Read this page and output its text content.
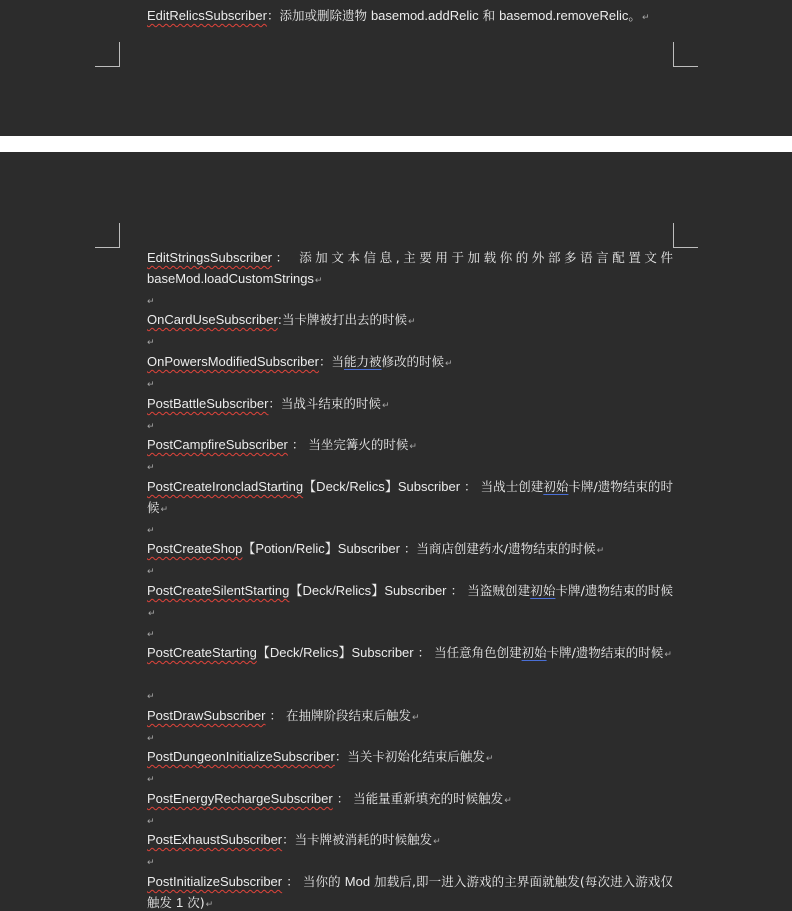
EditRelicsSubscriber：添加或删除遗物 basemod.addRelic 和 basemod.removeRelic。↵
EditStringsSubscriber： 添加文本信息,主要用于加载你的外部多语言配置文件 baseMod.loadCustomStrings↵
↵
OnCardUseSubscriber:当卡牌被打出去的时候↵
↵
OnPowersModifiedSubscriber：当能力被修改的时候↵
↵
PostBattleSubscriber：当战斗结束的时候↵
↵
PostCampfireSubscriber ： 当坐完篝火的时候↵
↵
PostCreateIroncladStarting【Deck/Relics】Subscriber ： 当战士创建初始卡牌/遗物结束的时候↵
↵
PostCreateShop【Potion/Relic】Subscriber ：当商店创建药水/遗物结束的时候↵
↵
PostCreateSilentStarting【Deck/Relics】Subscriber ： 当盗贼创建初始卡牌/遗物结束的时候↵
↵
PostCreateStarting【Deck/Relics】Subscriber ： 当任意角色创建初始卡牌/遗物结束的时候↵
↵
PostDrawSubscriber ： 在抽牌阶段结束后触发↵
↵
PostDungeonInitializeSubscriber：当关卡初始化结束后触发↵
↵
PostEnergyRechargeSubscriber ： 当能量重新填充的时候触发↵
↵
PostExhaustSubscriber：当卡牌被消耗的时候触发↵
↵
PostInitializeSubscriber ： 当你的 Mod 加载后,即一进入游戏的主界面就触发(每次进入游戏仅触发 1 次)↵
